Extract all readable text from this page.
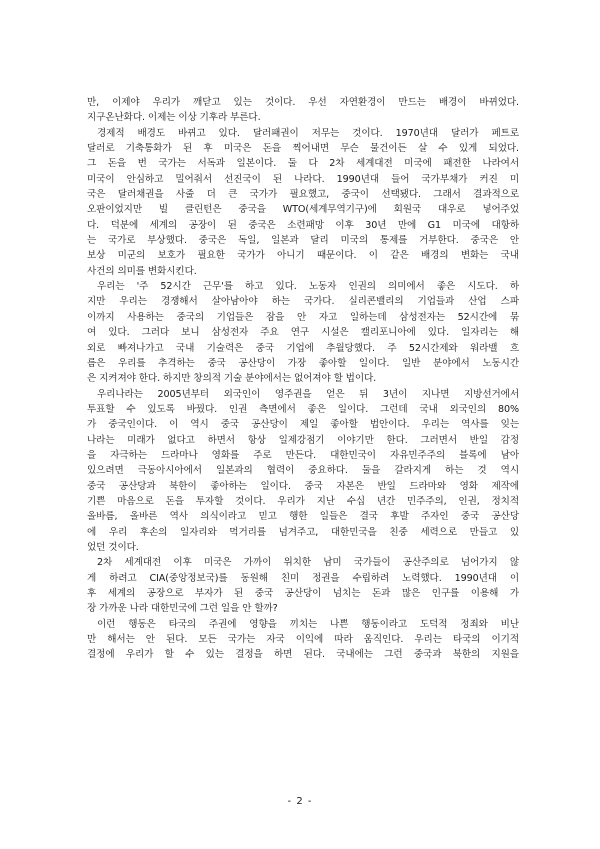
만, 이제야 우리가 깨닫고 있는 것이다. 우선 자연환경이 만드는 배경이 바뀌었다.
지구온난화다. 이제는 이상 기후라 부른다.
경제적 배경도 바뀌고 있다. 달러패권이 저무는 것이다. 1970년대 달러가 페트로
달러로 기축통화가 된 후 미국은 돈을 찍어내면 무슨 물건이든 살 수 있게 되었다.
그 돈을 번 국가는 서독과 일본이다. 둘 다 2차 세계대전 미국에 패전한 나라여서
미국이 안심하고 밀어줘서 선진국이 된 나라다. 1990년대 들어 국가부채가 커진 미
국은 달러채권을 사줄 더 큰 국가가 필요했고, 중국이 선택됐다. 그래서 결과적으로
오판이었지만 빌 클린턴은 중국을 WTO(세계무역기구)에 회원국 대우로 넣어주었
다. 덕분에 세계의 공장이 된 중국은 소련패망 이후 30년 만에 G1 미국에 대항하
는 국가로 부상했다. 중국은 독일, 일본과 달리 미국의 통제를 거부한다. 중국은 안
보상 미군의 보호가 필요한 국가가 아니기 때문이다. 이 같은 배경의 변화는 국내
사건의 의미를 변화시킨다.
우리는 '주 52시간 근무'를 하고 있다. 노동자 인권의 의미에서 좋은 시도다. 하
지만 우리는 경쟁해서 살아남아야 하는 국가다. 실리콘밸리의 기업들과 산업 스파
이까지 사용하는 중국의 기업들은 잠을 안 자고 일하는데 삼성전자는 52시간에 묶
여 있다. 그러다 보니 삼성전자 주요 연구 시설은 캘리포니아에 있다. 일자리는 해
외로 빠져나가고 국내 기술력은 중국 기업에 추월당했다. 주 52시간제와 워라밸 흐
름은 우리를 추격하는 중국 공산당이 가장 좋아할 일이다. 일반 분야에서 노동시간
은 지켜져야 한다. 하지만 창의적 기술 분야에서는 없어져야 할 법이다.
우리나라는 2005년부터 외국인이 영주권을 얻은 뒤 3년이 지나면 지방선거에서
투표할 수 있도록 바꿨다. 인권 측면에서 좋은 일이다. 그런데 국내 외국인의 80%
가 중국인이다. 이 역시 중국 공산당이 제일 좋아할 법안이다. 우리는 역사를 잊는
나라는 미래가 없다고 하면서 항상 일제강점기 이야기만 한다. 그러면서 반일 감정
을 자극하는 드라마나 영화를 주로 만든다. 대한민국이 자유민주주의 블록에 남아
있으려면 극동아시아에서 일본과의 협력이 중요하다. 둘을 갈라지게 하는 것 역시
중국 공산당과 북한이 좋아하는 일이다. 중국 자본은 반일 드라마와 영화 제작에
기쁜 마음으로 돈을 투자할 것이다. 우리가 지난 수십 년간 민주주의, 인권, 정치적
올바름, 올바른 역사 의식이라고 믿고 행한 일들은 결국 후발 주자인 중국 공산당
에 우리 후손의 일자리와 먹거리를 넘겨주고, 대한민국을 친중 세력으로 만들고 있
었던 것이다.
2차 세계대전 이후 미국은 가까이 위치한 남미 국가들이 공산주의로 넘어가지 않
게 하려고 CIA(중앙정보국)를 동원해 친미 정권을 수립하려 노력했다. 1990년대 이
후 세계의 공장으로 부자가 된 중국 공산당이 넘치는 돈과 많은 인구를 이용해 가
장 가까운 나라 대한민국에 그런 일을 안 할까?
이런 행동은 타국의 주권에 영향을 끼치는 나쁜 행동이라고 도덕적 정죄와 비난
만 해서는 안 된다. 모든 국가는 자국 이익에 따라 움직인다. 우리는 타국의 이기적
결정에 우리가 할 수 있는 결정을 하면 된다. 국내에는 그런 중국과 북한의 지원을
- 2 -
